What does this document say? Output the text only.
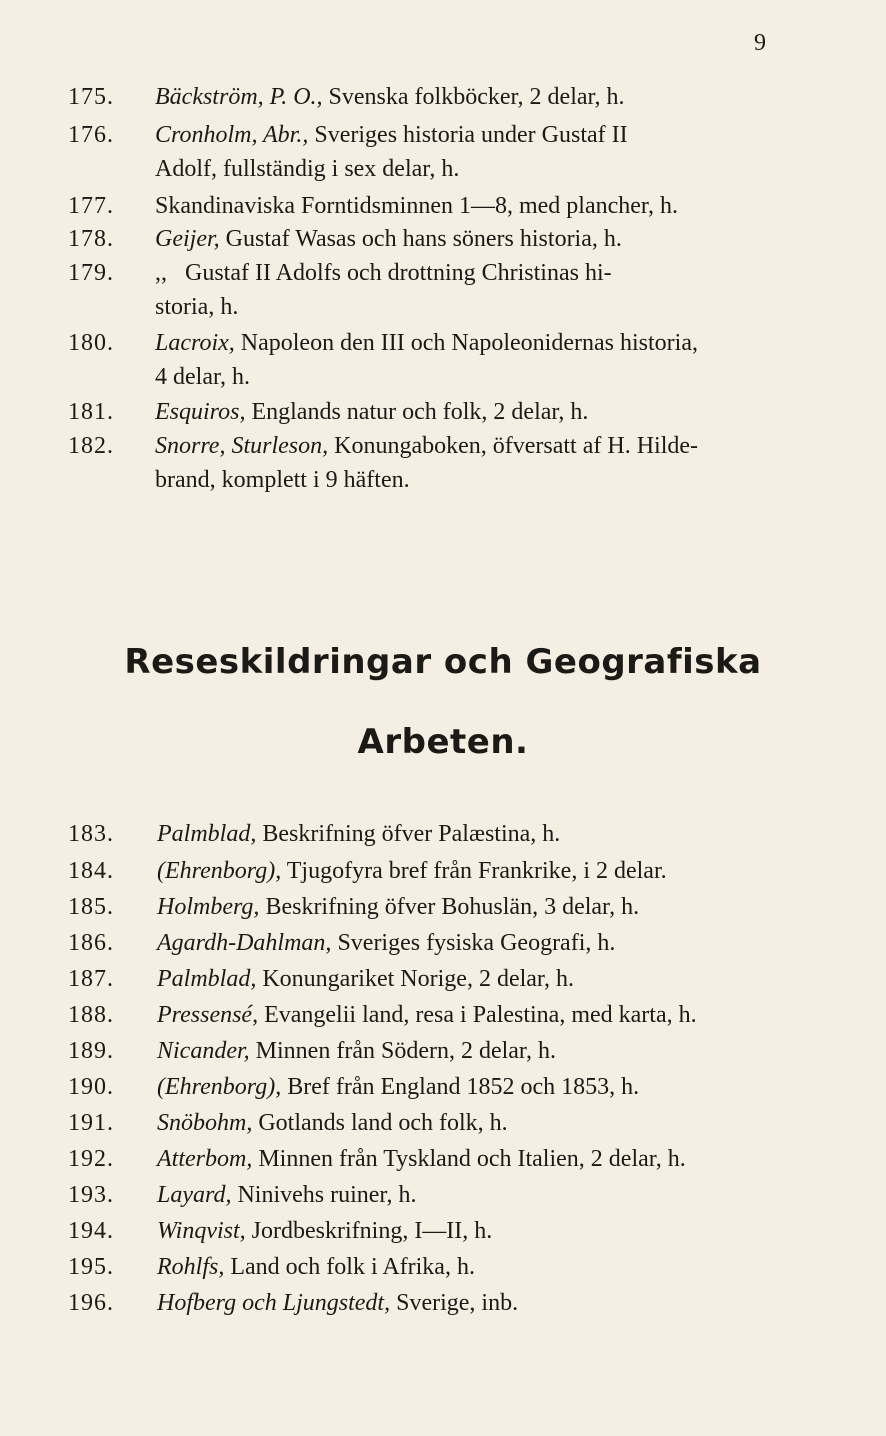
9
175. Bäckström, P. O., Svenska folkböcker, 2 delar, h.
176. Cronholm, Abr., Sveriges historia under Gustaf II
Adolf, fullständig i sex delar, h.
177. Skandinaviska Forntidsminnen 1—8, med plancher, h.
178. Geijer, Gustaf Wasas och hans söners historia, h.
179. ,,   Gustaf II Adolfs och drottning Christinas hi-
storia, h.
180. Lacroix, Napoleon den III och Napoleonidernas historia,
4 delar, h.
181. Esquiros, Englands natur och folk, 2 delar, h.
182. Snorre, Sturleson, Konungaboken, öfversatt af H. Hilde-
brand, komplett i 9 häften.
Reseskildringar och Geografiska
Arbeten.
183. Palmblad, Beskrifning öfver Palæstina, h.
184. (Ehrenborg), Tjugofyra bref från Frankrike, i 2 delar.
185. Holmberg, Beskrifning öfver Bohuslän, 3 delar, h.
186. Agardh-Dahlman, Sveriges fysiska Geografi, h.
187. Palmblad, Konungariket Norige, 2 delar, h.
188. Pressensé, Evangelii land, resa i Palestina, med karta, h.
189. Nicander, Minnen från Södern, 2 delar, h.
190. (Ehrenborg), Bref från England 1852 och 1853, h.
191. Snöbohm, Gotlands land och folk, h.
192. Atterbom, Minnen från Tyskland och Italien, 2 delar, h.
193. Layard, Ninivehs ruiner, h.
194. Winqvist, Jordbeskrifning, I—II, h.
195. Rohlfs, Land och folk i Afrika, h.
196. Hofberg och Ljungstedt, Sverige, inb.
